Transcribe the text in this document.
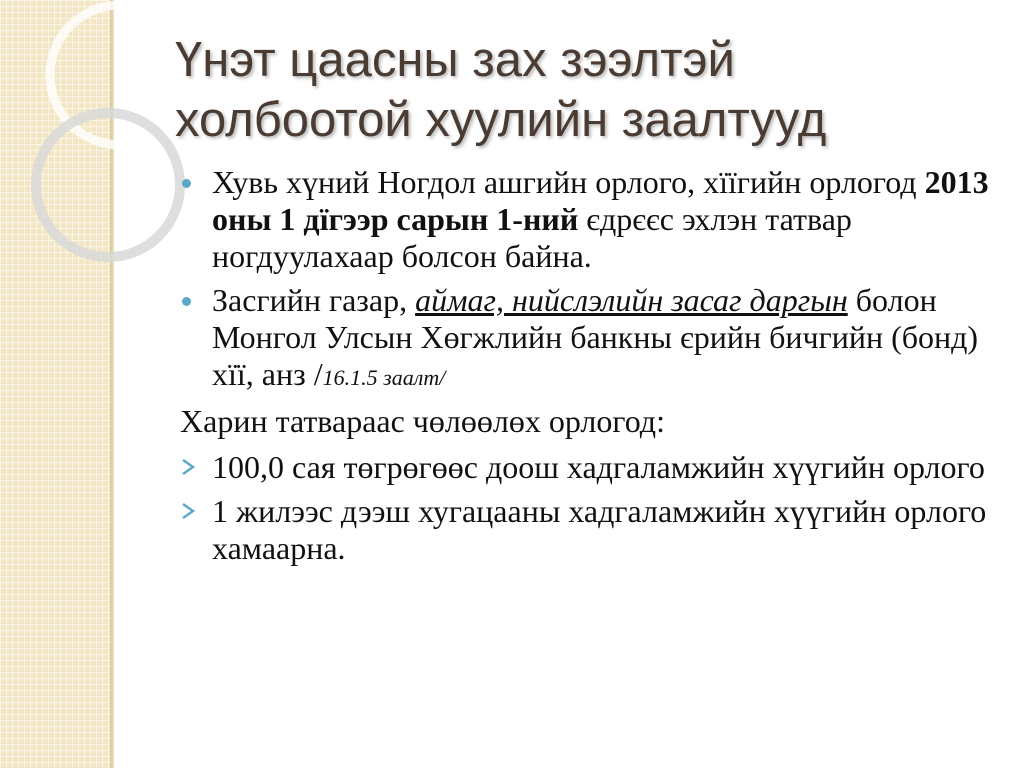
Үнэт цаасны зах зээлтэй
холбоотой хуулийн заалтууд
Хувь хүний Ногдол ашгийн орлого, хїїгийн орлогод 2013 оны 1 дїгээр сарын 1-ний єдрєєс эхлэн татвар ногдуулахаар болсон байна.
Засгийн газар, аймаг, нийслэлийн засаг даргын болон Монгол Улсын Хөгжлийн банкны єрийн бичгийн (бонд) хїї, анз /16.1.5 заалт/
Харин татвараас чөлөөлөх орлогод:
100,0 сая төгрөгөөс доош хадгаламжийн хүүгийн орлого
1 жилээс дээш хугацааны хадгаламжийн хүүгийн орлого хамаарна.
